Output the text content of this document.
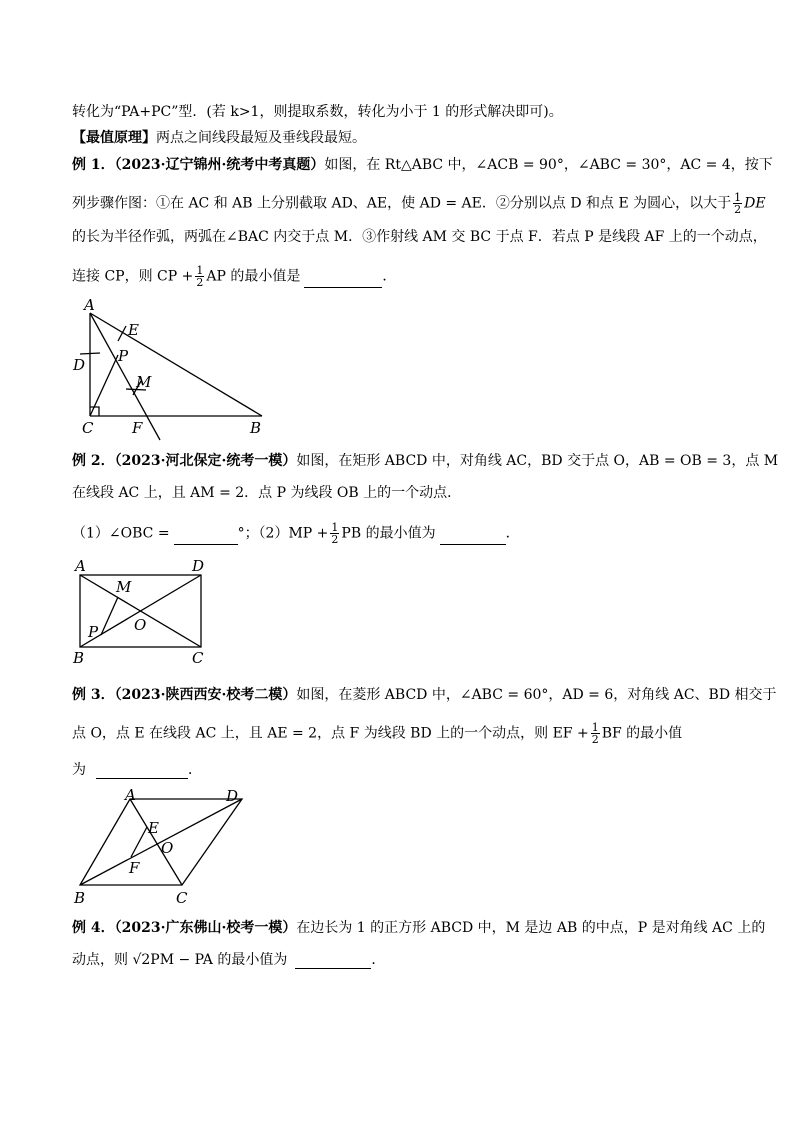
转化为“PA+PC”型．(若 k>1，则提取系数，转化为小于 1 的形式解决即可)。
【最值原理】两点之间线段最短及垂线段最短。
例 1．（2023·辽宁锦州·统考中考真题）如图，在 Rt△ABC 中，∠ACB = 90°，∠ABC = 30°，AC = 4，按下
列步骤作图：①在 AC 和 AB 上分别截取 AD、AE，使 AD = AE．②分别以点 D 和点 E 为圆心，以大于 $\frac{1}{2}$ DE
的长为半径作弧，两弧在∠BAC 内交于点 M．③作射线 AM 交 BC 于点 F．若点 P 是线段 AF 上的一个动点，
连接 CP，则 CP + $\frac{1}{2}$ AP 的最小值是	．
A
B
C
D
E
F
P
M
例 2．（2023·河北保定·统考一模）如图，在矩形 ABCD 中，对角线 AC，BD 交于点 O，AB = OB = 3，点 M
在线段 AC 上，且 AM = 2．点 P 为线段 OB 上的一个动点．
（1）∠OBC =	°；$(2)MP + \frac{1}{2}$ PB 的最小值为	．
A
B	C
D
M
O
P
例 3．（2023·陕西西安·校考二模）如图，在菱形 ABCD 中，∠ABC = 60°，AD = 6，对角线 AC、BD 相交于
点 O，点 E 在线段 AC 上，且 AE = 2，点 F 为线段 BD 上的一个动点，则 EF + $\frac{1}{2}$ BF 的最小值
为	．
A
B	C
D
E
F
O
例 4．（2023·广东佛山·校考一模）在边长为 1 的正方形 ABCD 中，M 是边 AB 的中点，P 是对角线 AC 上的
动点，则 √2PM − PA 的最小值为	．
